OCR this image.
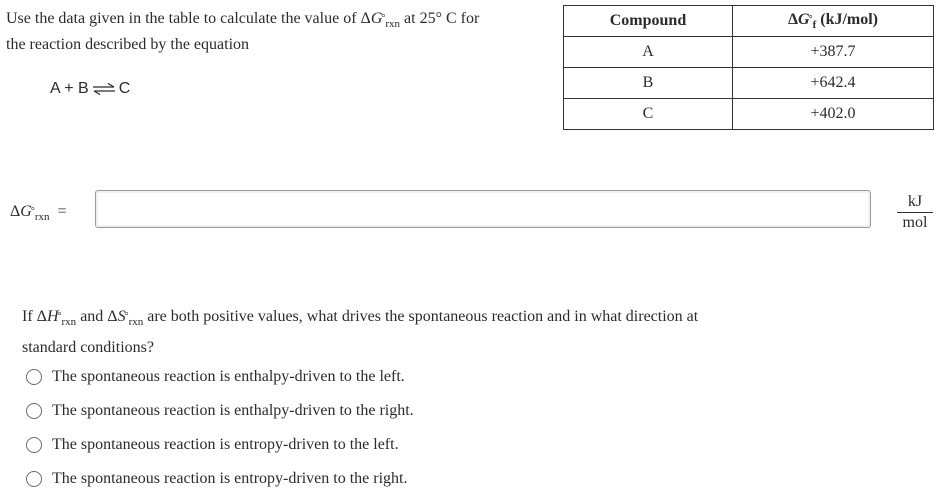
Use the data given in the table to calculate the value of $\Delta G_{^\circ rxn}$ at 25° C for
the reaction described by the equation
A + B ⇌ C
Compound	$\Delta G_{^\circ f}$ (kJ/mol)
A	+387.7
B	+642.4
C	+402.0
$\Delta G_{^\circ rxn}$ =
kJ
mol
If $\Delta H_{^\circ rxn}$ and $\Delta S_{^\circ rxn}$ are both positive values, what drives the spontaneous reaction and in what direction at
standard conditions?
The spontaneous reaction is enthalpy-driven to the left.
The spontaneous reaction is enthalpy-driven to the right.
The spontaneous reaction is entropy-driven to the left.
The spontaneous reaction is entropy-driven to the right.
